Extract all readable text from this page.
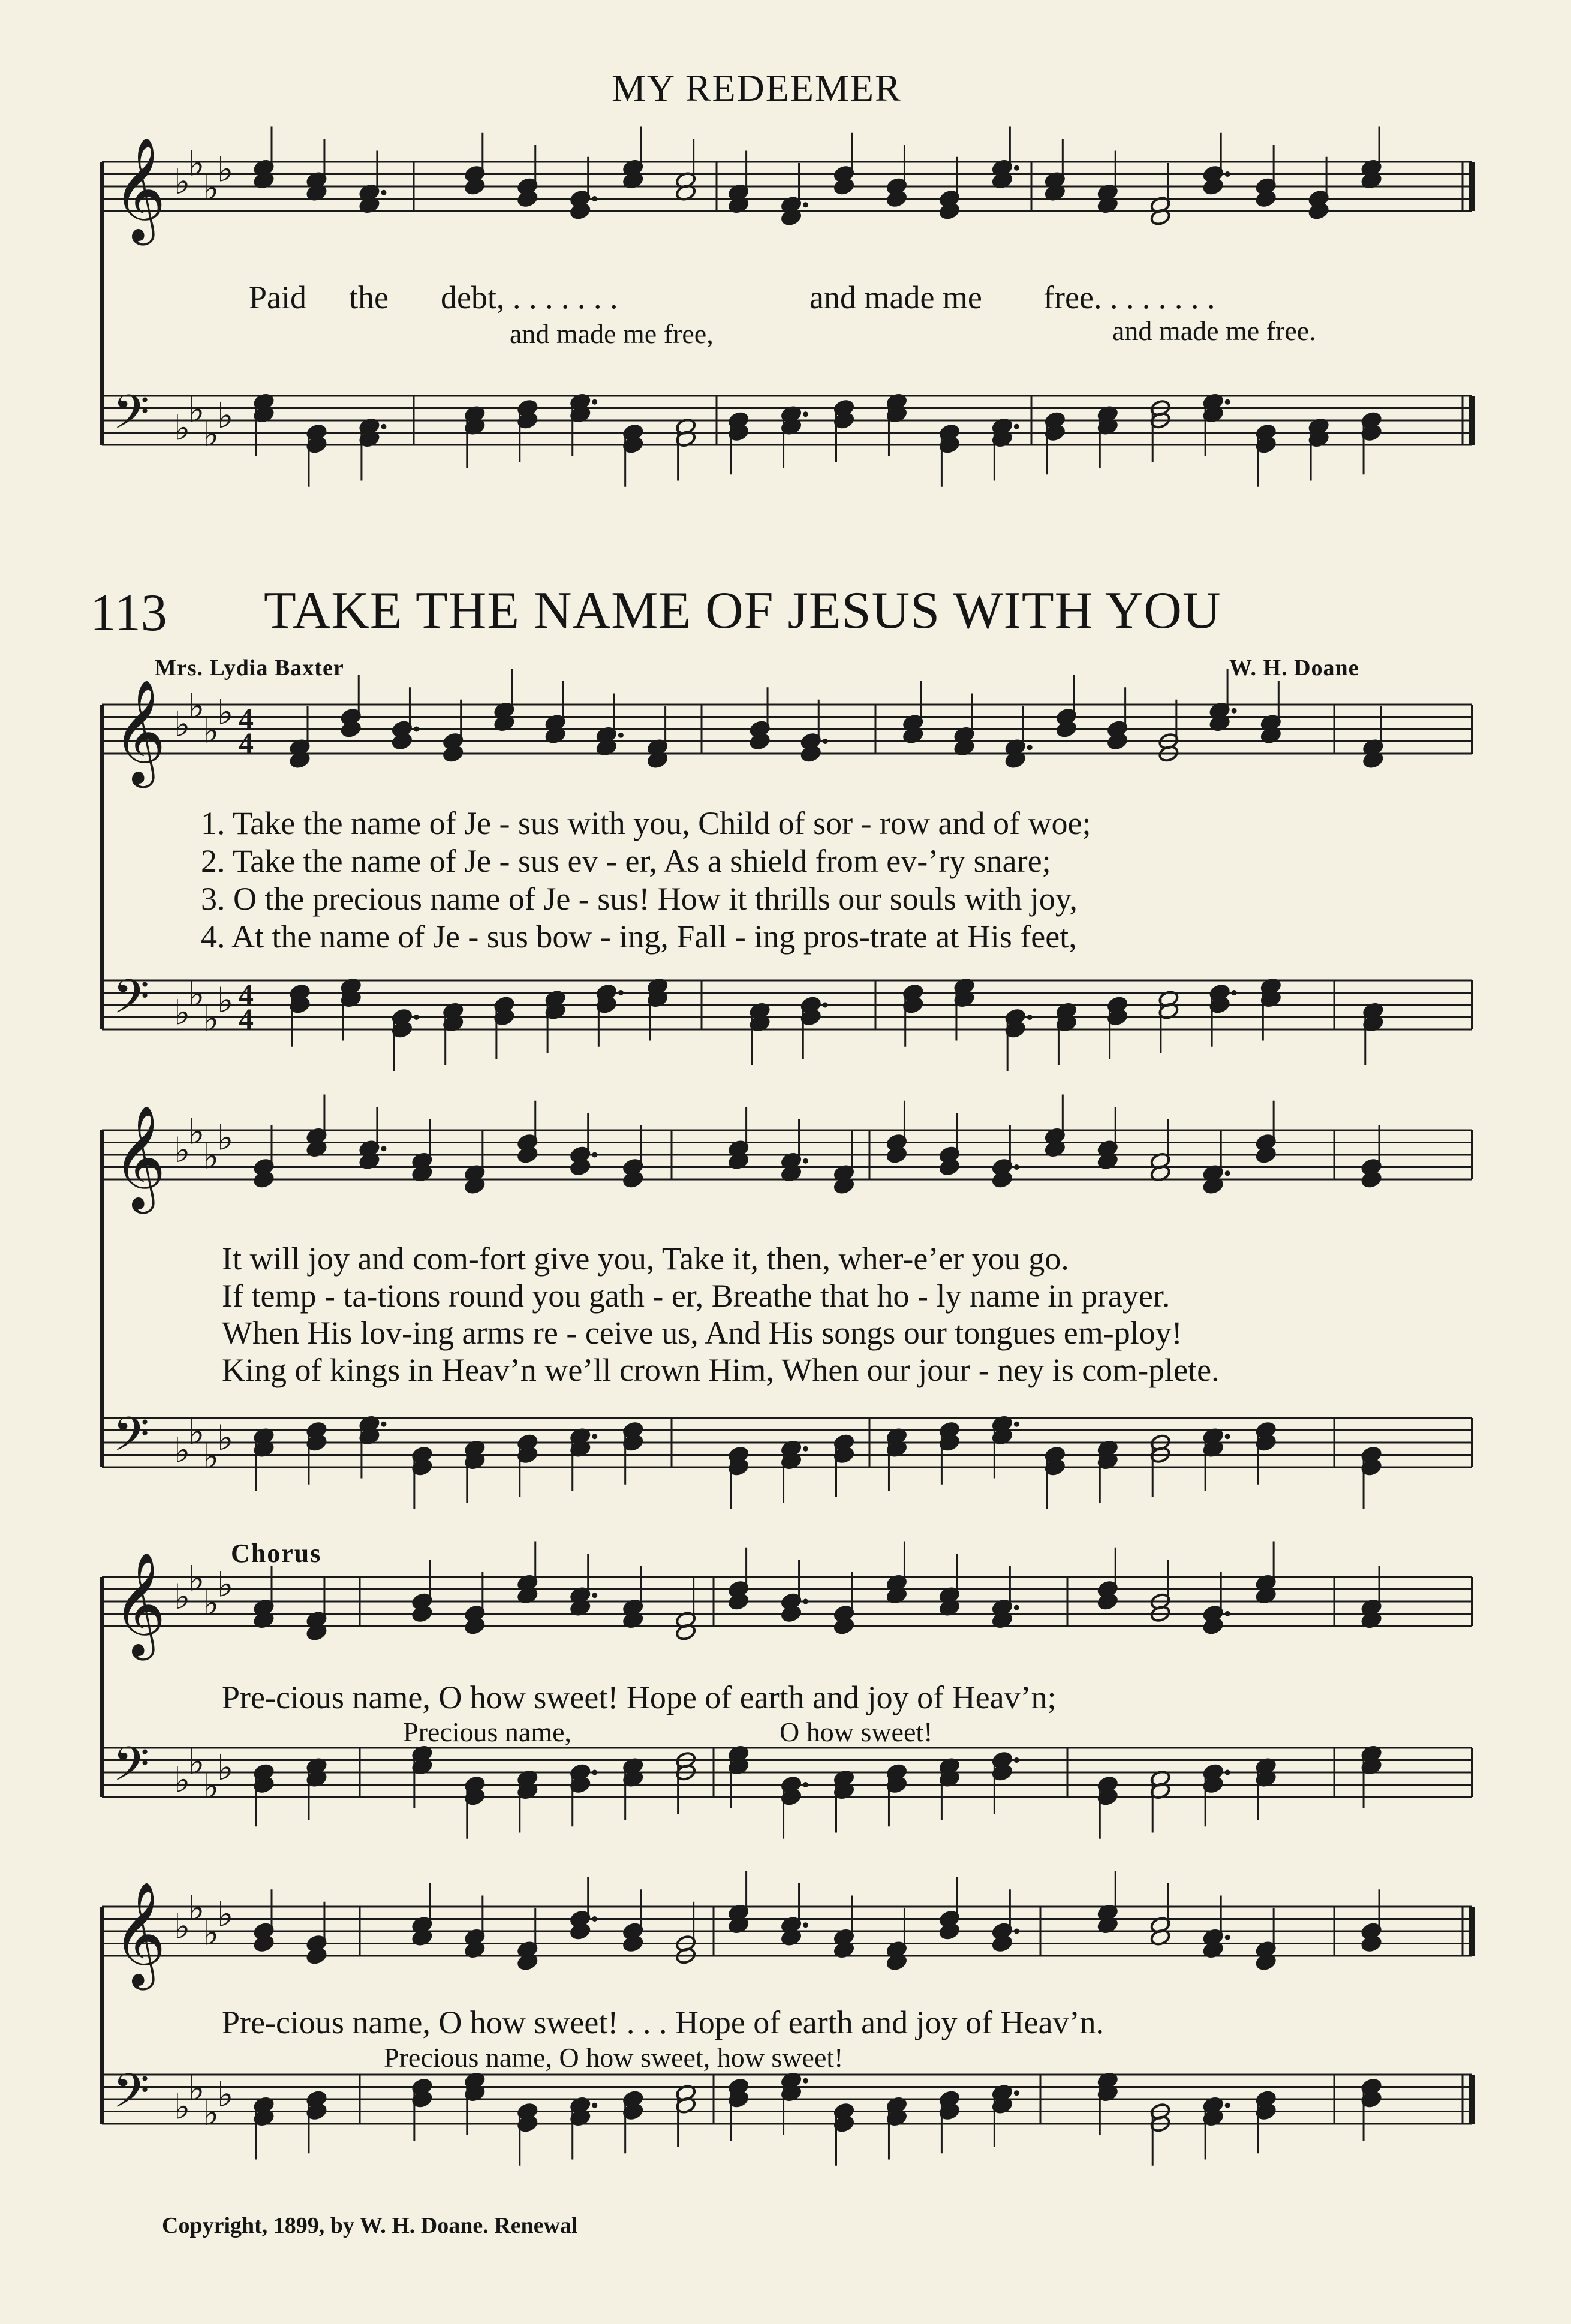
MY REDEEMER
Paid the debt, . . . . . . .	and made me free. . . . . . . .
and made me free,	and made me free.
113 TAKE THE NAME OF JESUS WITH YOU
Mrs. Lydia Baxter	W. H. Doane
1. Take the name of Je - sus with you, Child of sor - row and of woe;
2. Take the name of Je - sus ev - er, As a shield from ev-’ry snare;
3. O the precious name of Je - sus! How it thrills our souls with joy,
4. At the name of Je - sus bow - ing, Fall - ing pros-trate at His feet,
It will joy and com-fort give you, Take it, then, wher-e’er you go.
If temp - ta-tions round you gath - er, Breathe that ho - ly name in prayer.
When His lov-ing arms re - ceive us, And His songs our tongues em-ploy!
King of kings in Heav’n we’ll crown Him, When our jour - ney is com-plete.
Chorus
Pre-cious name, O how sweet! Hope of earth and joy of Heav’n;
Precious name,	O how sweet!
Pre-cious name, O how sweet! . . . Hope of earth and joy of Heav’n.
Precious name, O how sweet, how sweet!
Copyright, 1899, by W. H. Doane. Renewal
𝄞 ♭
♭
♭
♭
𝄢 ♭
♭
♭
♭
𝄞 ♭
♭
♭
♭
𝄢 ♭
♭
♭
♭
4
4
4
4
𝄞 ♭
♭
♭
♭
𝄢 ♭
♭
♭
♭
𝄞 ♭
♭
♭
♭
𝄢 ♭
♭
♭
♭
𝄞 ♭
♭
♭
♭
𝄢 ♭
♭
♭
♭
